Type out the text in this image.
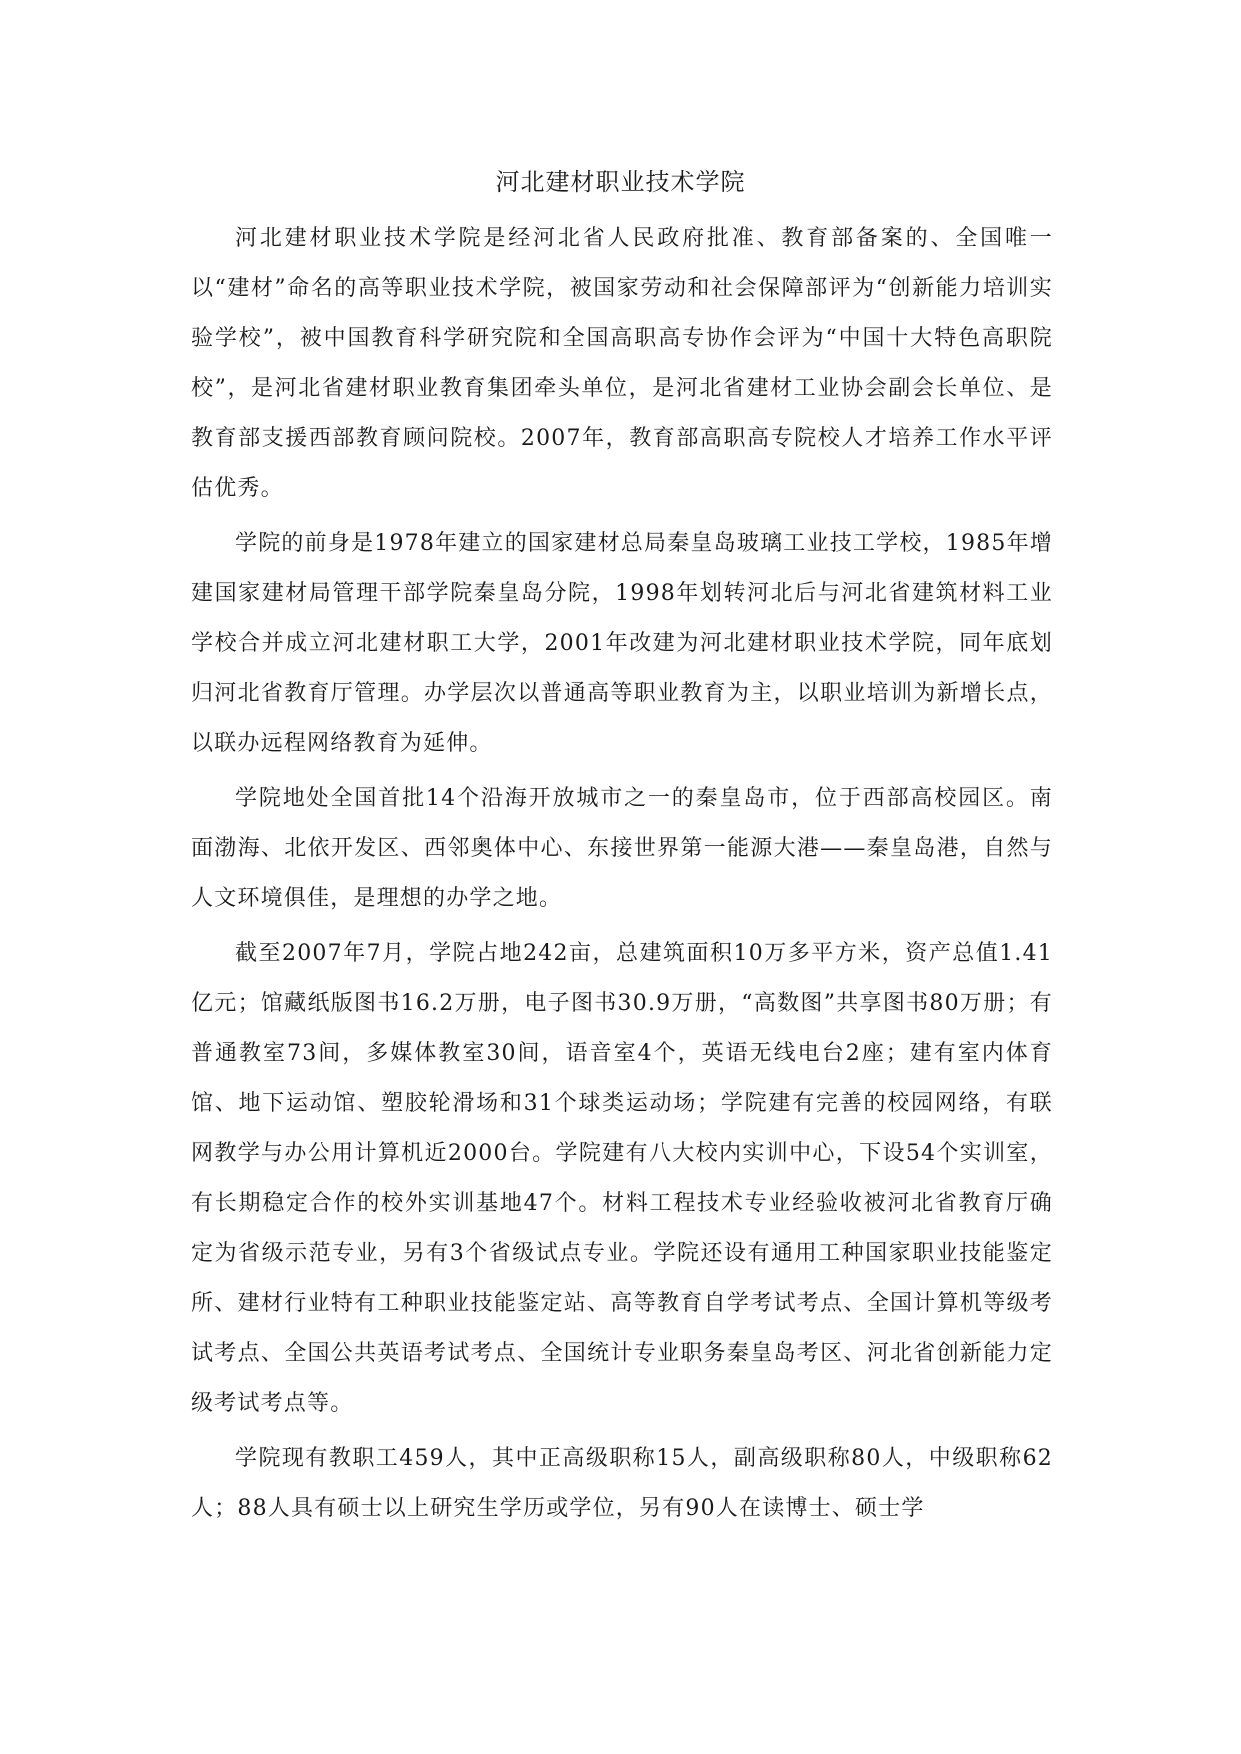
河北建材职业技术学院

河北建材职业技术学院是经河北省人民政府批准、教育部备案的、全国唯一以“建材”命名的高等职业技术学院，被国家劳动和社会保障部评为“创新能力培训实验学校”，被中国教育科学研究院和全国高职高专协作会评为“中国十大特色高职院校”，是河北省建材职业教育集团牵头单位，是河北省建材工业协会副会长单位、是教育部支援西部教育顾问院校。2007年，教育部高职高专院校人才培养工作水平评估优秀。

学院的前身是1978年建立的国家建材总局秦皇岛玻璃工业技工学校，1985年增建国家建材局管理干部学院秦皇岛分院，1998年划转河北后与河北省建筑材料工业学校合并成立河北建材职工大学，2001年改建为河北建材职业技术学院，同年底划归河北省教育厅管理。办学层次以普通高等职业教育为主，以职业培训为新增长点，以联办远程网络教育为延伸。

学院地处全国首批14个沿海开放城市之一的秦皇岛市，位于西部高校园区。南面渤海、北依开发区、西邻奥体中心、东接世界第一能源大港——秦皇岛港，自然与人文环境俱佳，是理想的办学之地。

截至2007年7月，学院占地242亩，总建筑面积10万多平方米，资产总值1.41亿元；馆藏纸版图书16.2万册，电子图书30.9万册，“高数图”共享图书80万册；有普通教室73间，多媒体教室30间，语音室4个，英语无线电台2座；建有室内体育馆、地下运动馆、塑胶轮滑场和31个球类运动场；学院建有完善的校园网络，有联网教学与办公用计算机近2000台。学院建有八大校内实训中心，下设54个实训室，有长期稳定合作的校外实训基地47个。材料工程技术专业经验收被河北省教育厅确定为省级示范专业，另有3个省级试点专业。学院还设有通用工种国家职业技能鉴定所、建材行业特有工种职业技能鉴定站、高等教育自学考试考点、全国计算机等级考试考点、全国公共英语考试考点、全国统计专业职务秦皇岛考区、河北省创新能力定级考试考点等。

学院现有教职工459人，其中正高级职称15人，副高级职称80人，中级职称62人；88人具有硕士以上研究生学历或学位，另有90人在读博士、硕士学
